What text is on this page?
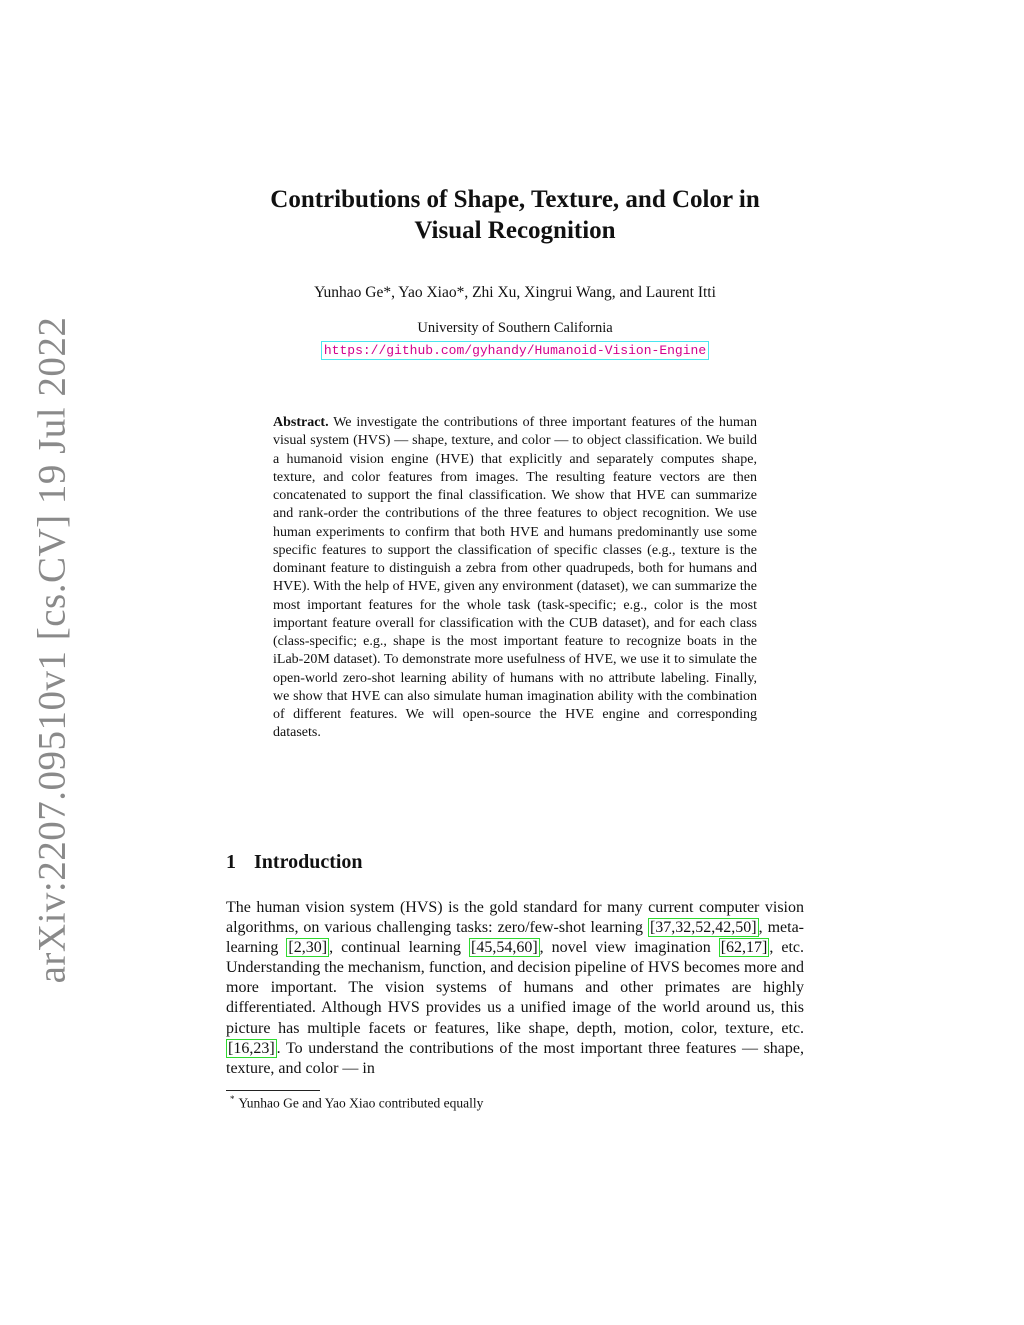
arXiv:2207.09510v1 [cs.CV] 19 Jul 2022
Contributions of Shape, Texture, and Color in
Visual Recognition
Yunhao Ge*, Yao Xiao*, Zhi Xu, Xingrui Wang, and Laurent Itti
University of Southern California
https://github.com/gyhandy/Humanoid-Vision-Engine
Abstract. We investigate the contributions of three important features of the human visual system (HVS) — shape, texture, and color — to object classification. We build a humanoid vision engine (HVE) that explicitly and separately computes shape, texture, and color features from images. The resulting feature vectors are then concatenated to support the final classification. We show that HVE can summarize and rank-order the contributions of the three features to object recognition. We use human experiments to confirm that both HVE and humans predominantly use some specific features to support the classification of specific classes (e.g., texture is the dominant feature to distinguish a zebra from other quadrupeds, both for humans and HVE). With the help of HVE, given any environment (dataset), we can summarize the most important features for the whole task (task-specific; e.g., color is the most important feature overall for classification with the CUB dataset), and for each class (class-specific; e.g., shape is the most important feature to recognize boats in the iLab-20M dataset). To demonstrate more usefulness of HVE, we use it to simulate the open-world zero-shot learning ability of humans with no attribute labeling. Finally, we show that HVE can also simulate human imagination ability with the combination of different features. We will open-source the HVE engine and corresponding datasets.
1 Introduction
The human vision system (HVS) is the gold standard for many current computer vision algorithms, on various challenging tasks: zero/few-shot learning [37,32,52,42,50] , meta-learning [2,30] , continual learning [45,54,60] , novel view imagination [62,17] , etc. Understanding the mechanism, function, and decision pipeline of HVS becomes more and more important. The vision systems of humans and other primates are highly differentiated. Although HVS provides us a unified image of the world around us, this picture has multiple facets or features, like shape, depth, motion, color, texture, etc. [16,23] . To understand the contributions of the most important three features — shape, texture, and color — in
* Yunhao Ge and Yao Xiao contributed equally
